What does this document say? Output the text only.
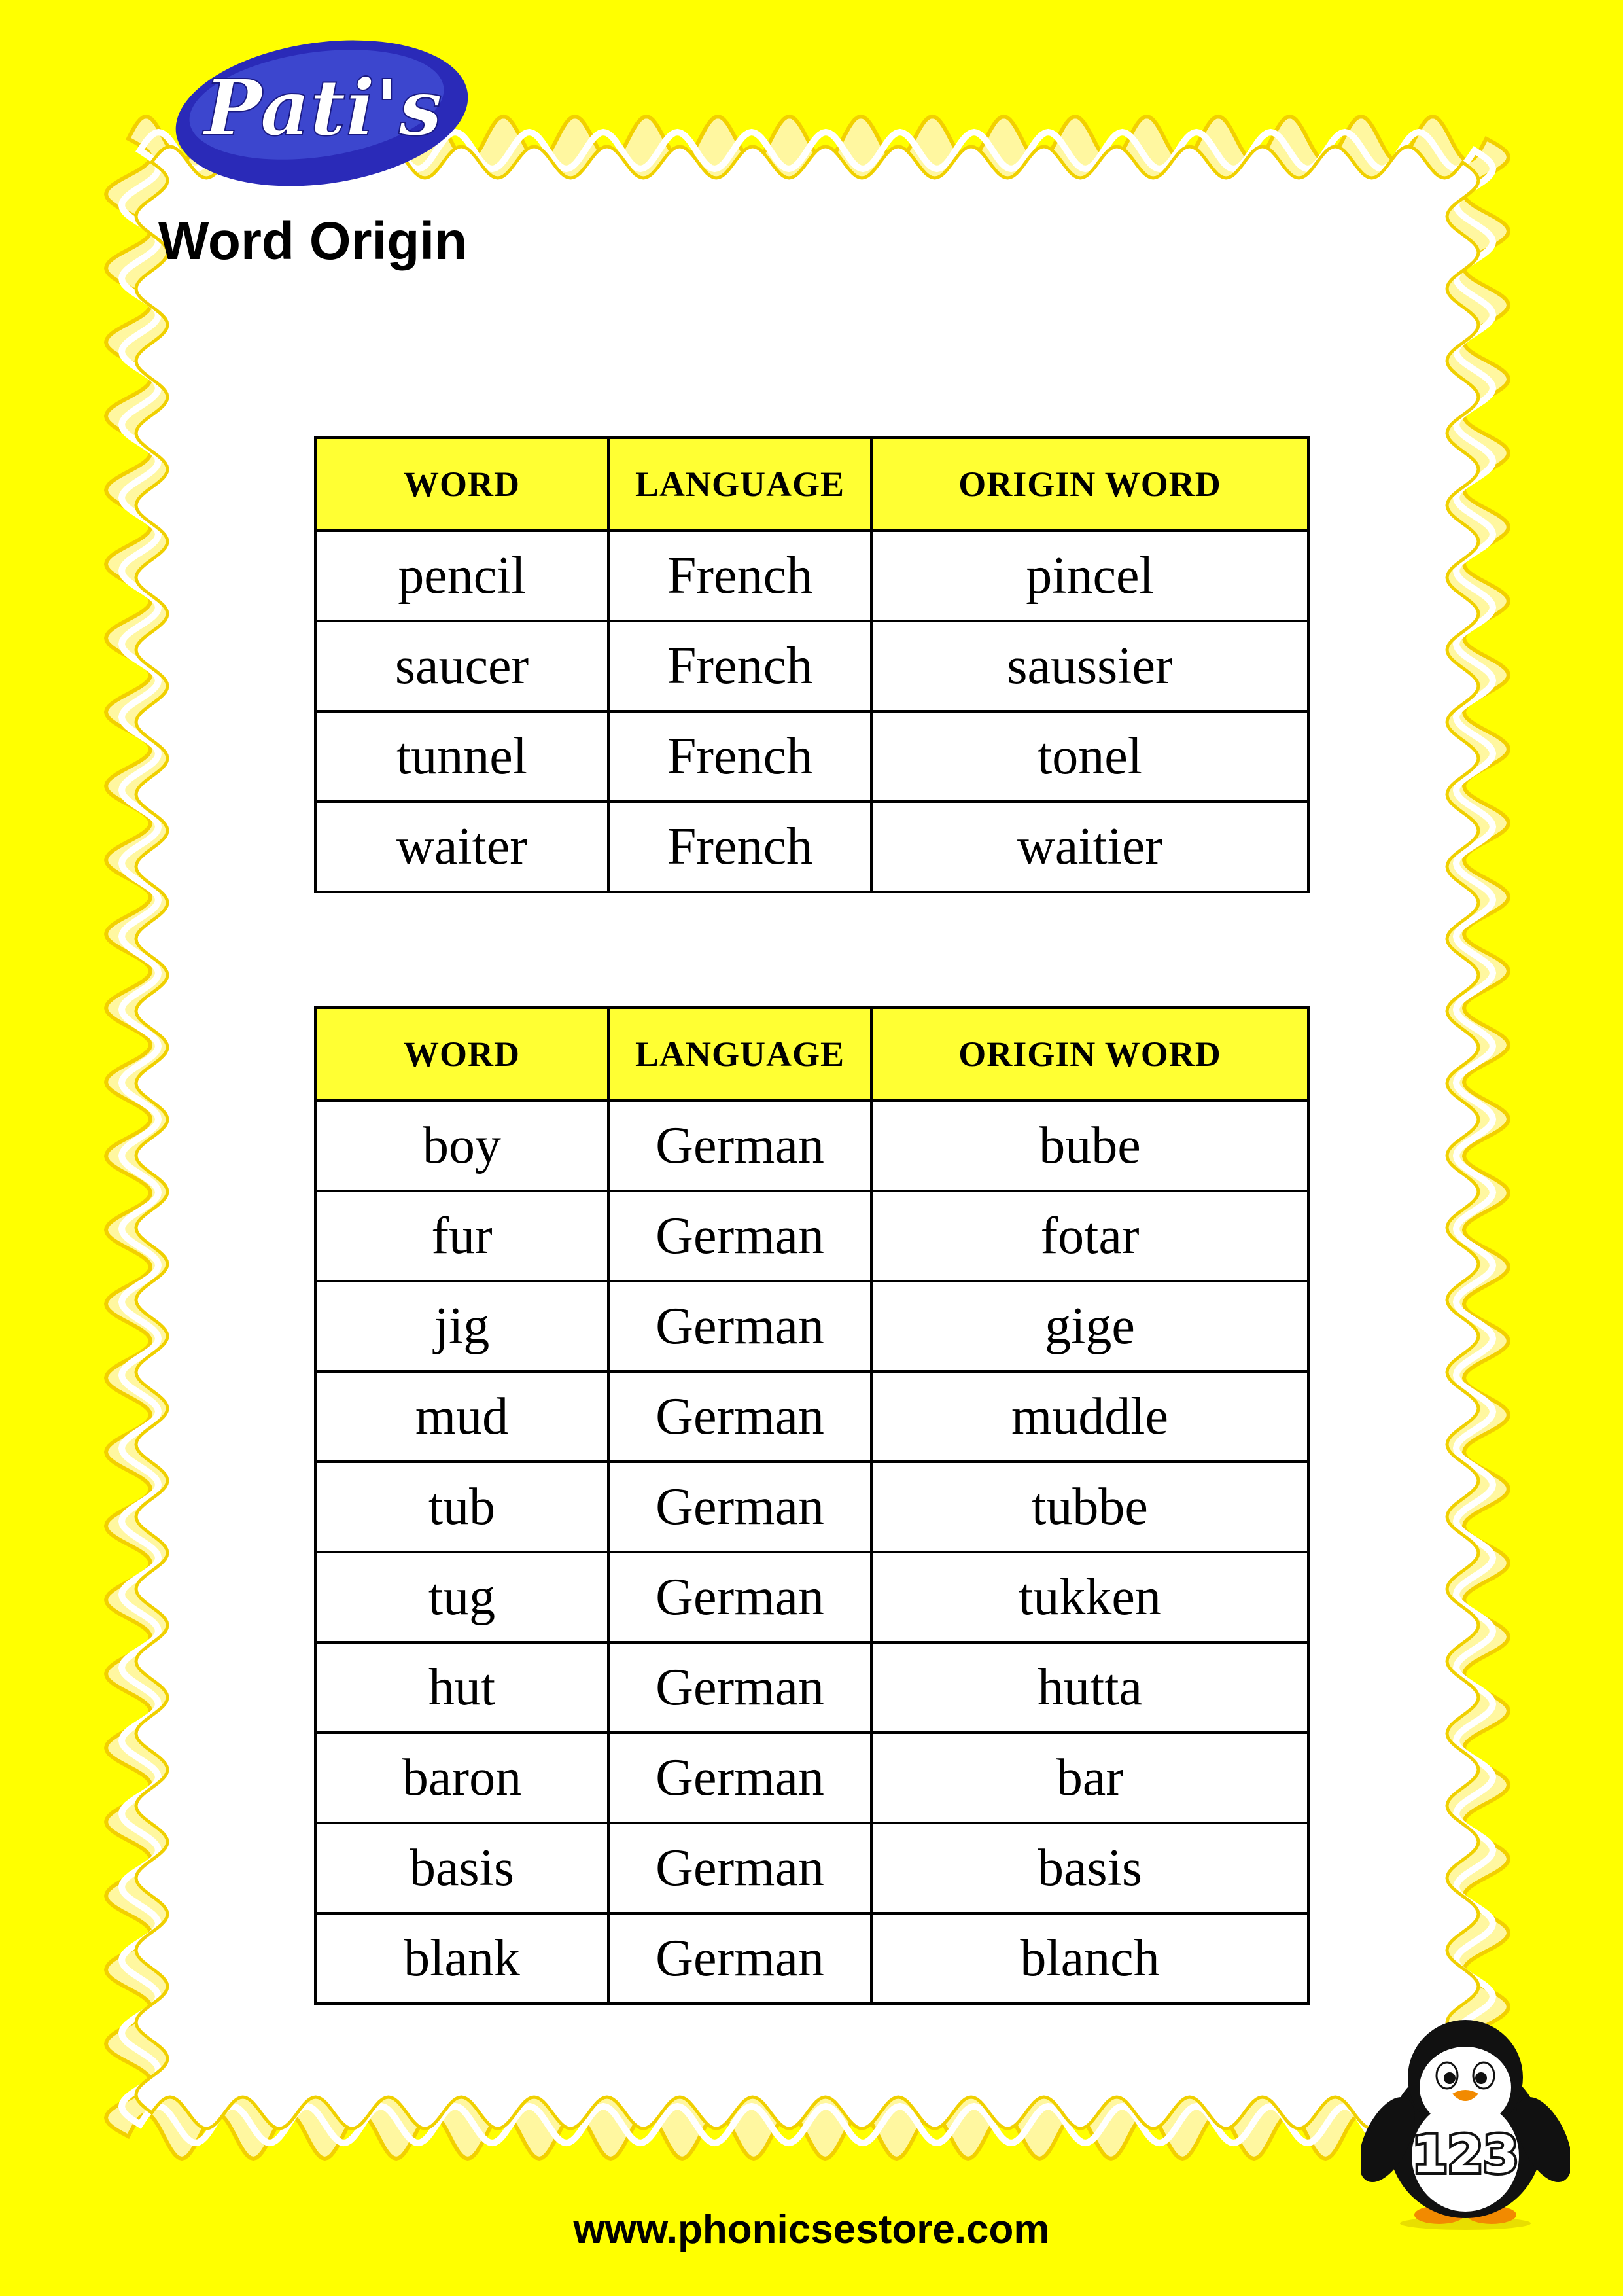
Pati's
Word Origin
WORD	LANGUAGE	ORIGIN WORD
pencil	French	pincel
saucer	French	saussier
tunnel	French	tonel
waiter	French	waitier
WORD	LANGUAGE	ORIGIN WORD
boy	German	bube
fur	German	fotar
jig	German	gige
mud	German	muddle
tub	German	tubbe
tug	German	tukken
hut	German	hutta
baron	German	bar
basis	German	basis
blank	German	blanch
123
www.phonicsestore.com
